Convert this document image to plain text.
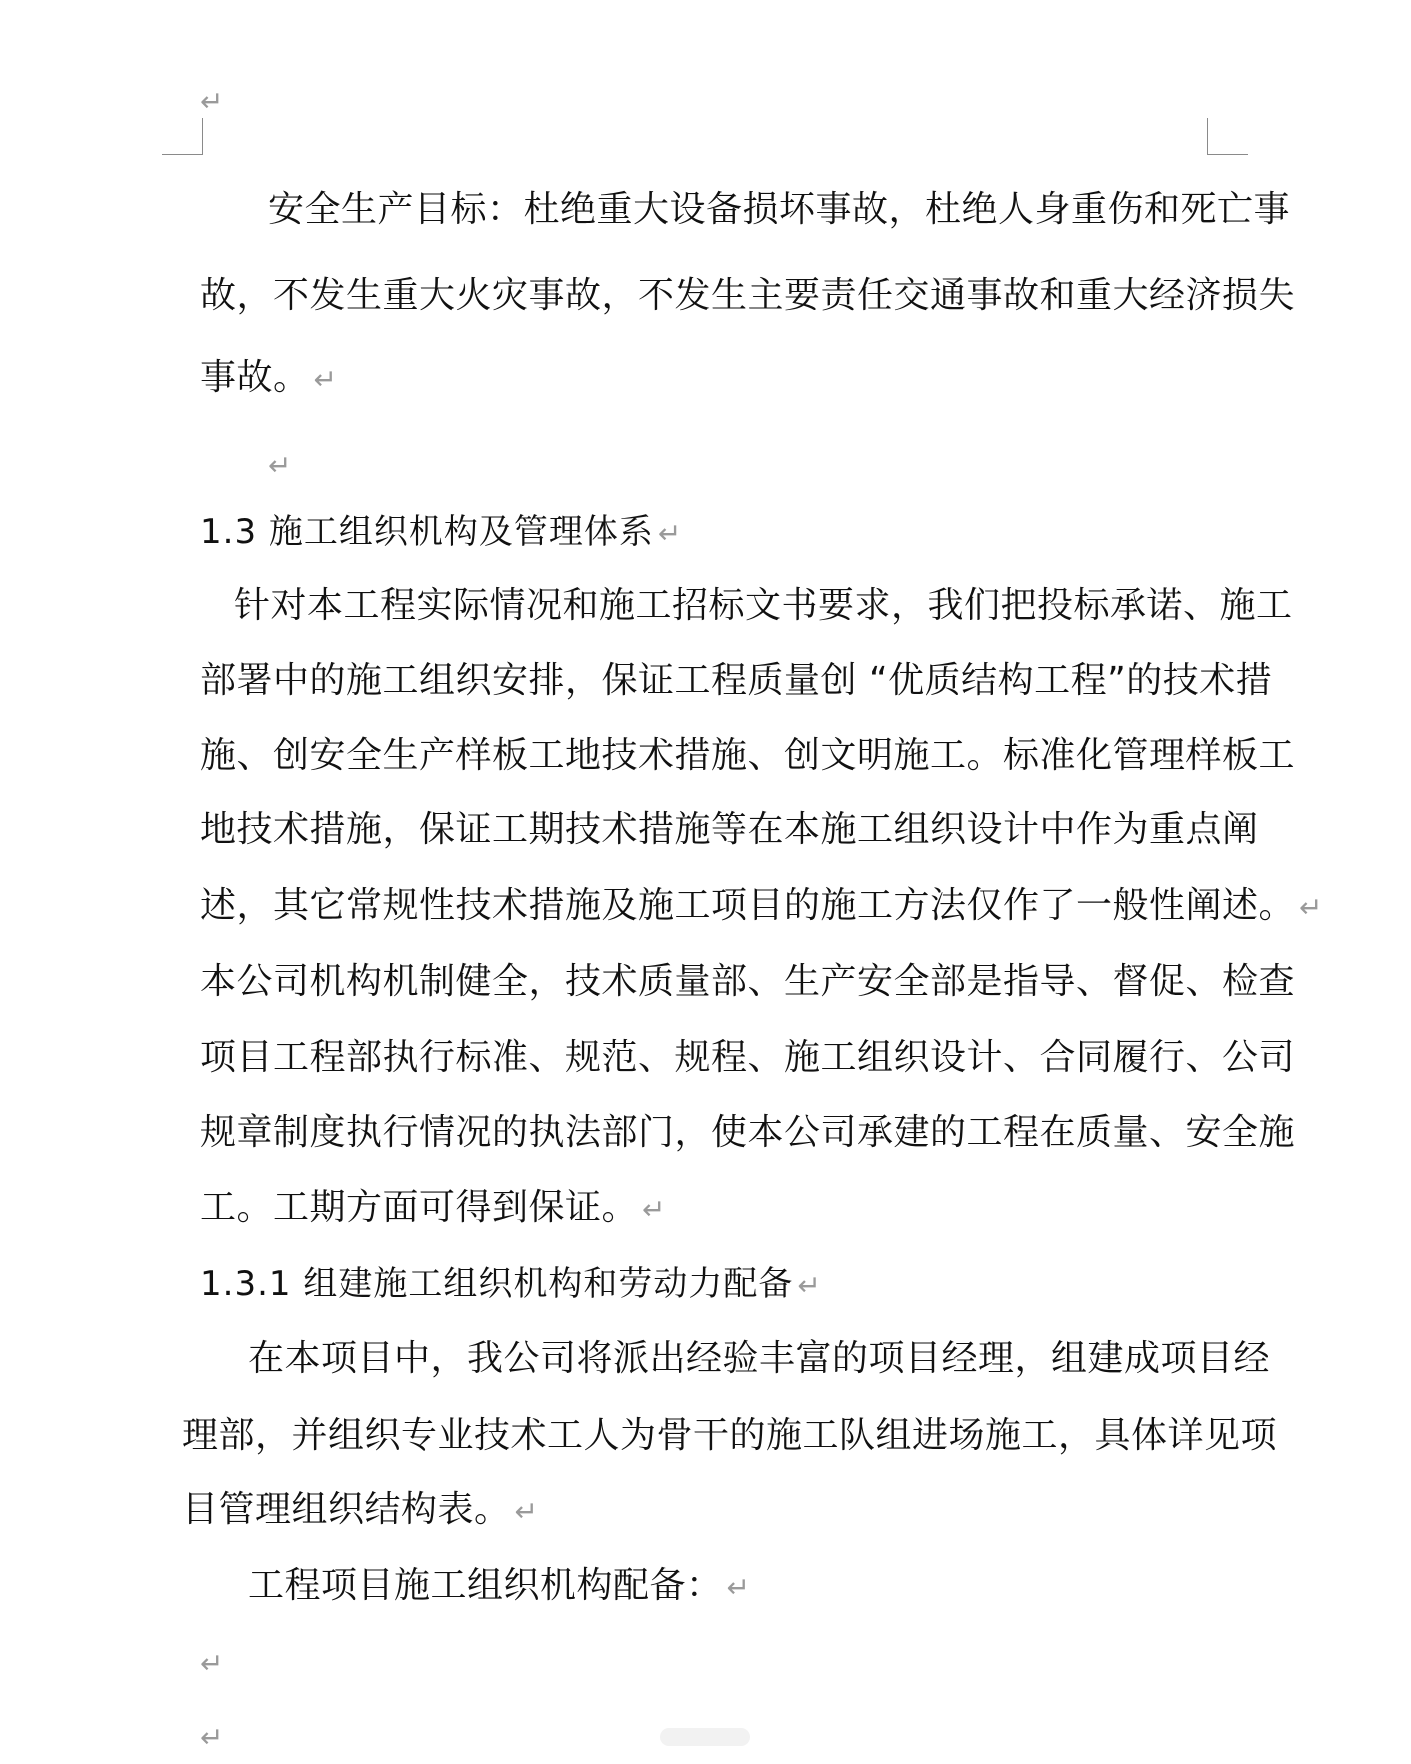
↵
安全生产目标：杜绝重大设备损坏事故，杜绝人身重伤和死亡事
故，不发生重大火灾事故，不发生主要责任交通事故和重大经济损失
事故。 ↵
↵
1.3 施工组织机构及管理体系 ↵
针对本工程实际情况和施工招标文书要求，我们把投标承诺、施工
部署中的施工组织安排，保证工程质量创 “优质结构工程”的技术措
施、创安全生产样板工地技术措施、创文明施工。标准化管理样板工
地技术措施，保证工期技术措施等在本施工组织设计中作为重点阐
述，其它常规性技术措施及施工项目的施工方法仅作了一般性阐述。 ↵
本公司机构机制健全，技术质量部、生产安全部是指导、督促、检查
项目工程部执行标准、规范、规程、施工组织设计、合同履行、公司
规章制度执行情况的执法部门，使本公司承建的工程在质量、安全施
工。工期方面可得到保证。 ↵
1.3.1 组建施工组织机构和劳动力配备 ↵
在本项目中，我公司将派出经验丰富的项目经理，组建成项目经
理部，并组织专业技术工人为骨干的施工队组进场施工，具体详见项
目管理组织结构表。 ↵
工程项目施工组织机构配备： ↵
↵
↵
